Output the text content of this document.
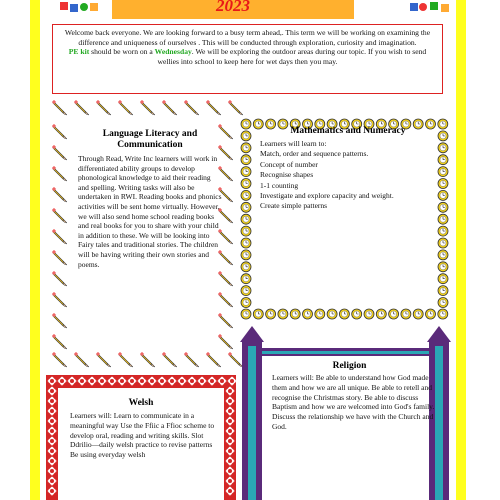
2023
Welcome back everyone. We are looking forward to a busy term ahead,. This term we will be working on examining the difference and uniqueness of ourselves . This will be conducted through exploration, curiosity and imagination.
PE kit should be worn on a Wednesday. We will be exploring the outdoor areas during our topic. If you wish to send wellies into school to keep here for wet days then you may.
Language Literacy and Communication
Through Read, Write Inc learners will work in differentiated ability groups to develop phonological knowledge to aid their reading and spelling. Writing tasks will also be undertaken in RWI. Reading books and phonics activities will be sent home virtually. However, we will also send home school reading books and real books for you to share with your child in addition to these. We will be looking into Fairy tales and traditional stories. The children will be having writing their own stories and poems.
Mathematics and Numeracy
Learners will learn to:
Match, order and sequence patterns.
Concept of number
Recognise shapes
1-1 counting
Investigate and explore capacity and weight.
Create simple patterns
Religion
Learners will: Be able to understand how God made them and how we are all unique. Be able to retell and recognise the Christmas story. Be able to discuss Baptism and how we are welcomed into God's family. Discuss the relationship we have with the Church and God.
Welsh
Learners will: Learn to communicate in a meaningful way Use the Ffiic a Ffioc scheme to develop oral, reading and writing skills. Slot Ddrilio—daily welsh practice to revise patterns Be using everyday welsh
